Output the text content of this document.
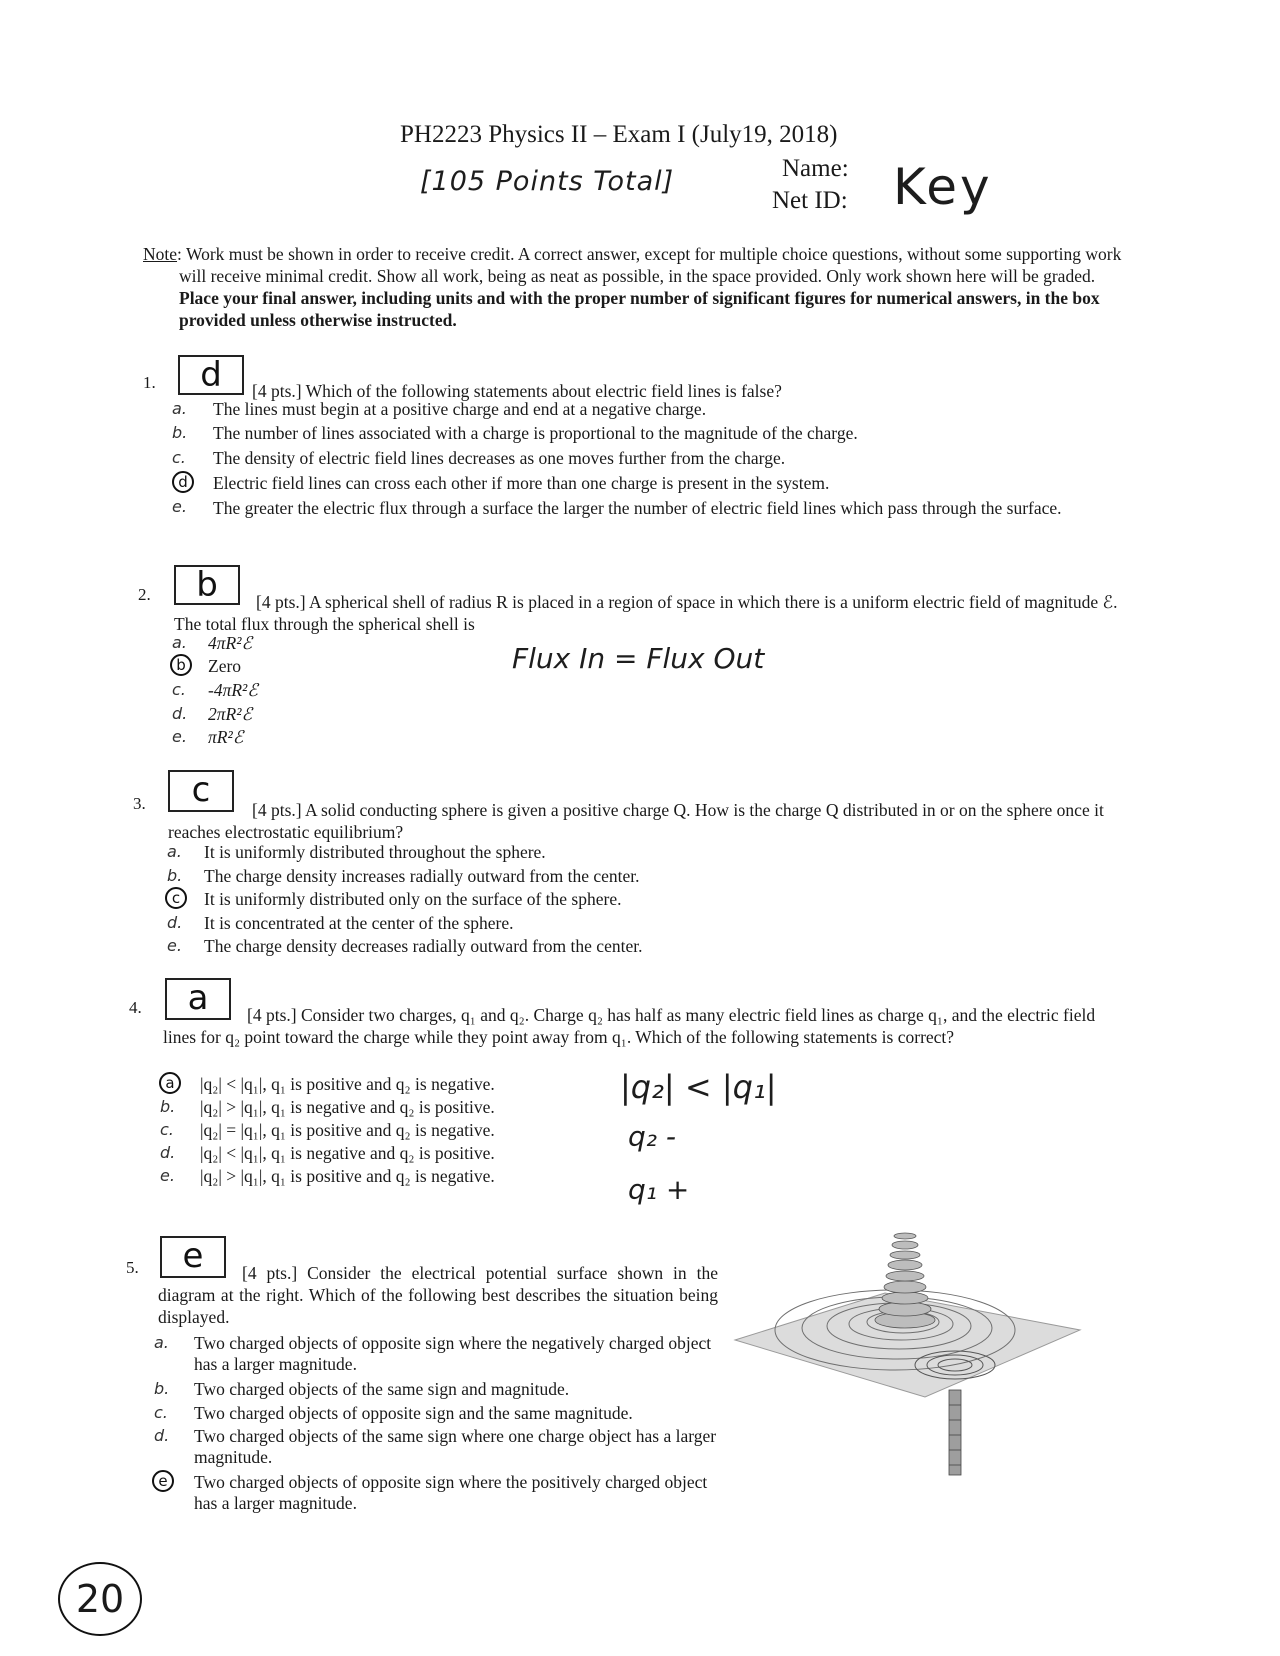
PH2223 Physics II – Exam I (July19, 2018)
[105 Points Total]	Name:
Net ID: Key

Note: Work must be shown in order to receive credit. A correct answer, except for multiple choice questions, without some supporting work will receive minimal credit. Show all work, being as neat as possible, in the space provided. Only work shown here will be graded. Place your final answer, including units and with the proper number of significant figures for numerical answers, in the box provided unless otherwise instructed.

1.	d	[4 pts.] Which of the following statements about electric field lines is false?
a. The lines must begin at a positive charge and end at a negative charge.
b. The number of lines associated with a charge is proportional to the magnitude of the charge.
c. The density of electric field lines decreases as one moves further from the charge.
d	Electric field lines can cross each other if more than one charge is present in the system.
e. The greater the electric flux through a surface the larger the number of electric field lines which pass through the surface.
2.	b	[4 pts.] A spherical shell of radius R is placed in a region of space in which there is a uniform electric field of magnitude ℰ. The total flux through the spherical shell is
a. 4πR²ℰ
b	Zero
c. -4πR²ℰ
d. 2πR²ℰ
e. πR²ℰ
Flux In = Flux Out
3.	c	[4 pts.] A solid conducting sphere is given a positive charge Q. How is the charge Q distributed in or on the sphere once it reaches electrostatic equilibrium?
a. It is uniformly distributed throughout the sphere.
b. The charge density increases radially outward from the center.
c	It is uniformly distributed only on the surface of the sphere.
d. It is concentrated at the center of the sphere.
e. The charge density decreases radially outward from the center.
4.	a	[4 pts.] Consider two charges, q₁ and q₂. Charge q₂ has half as many electric field lines as charge q₁, and the electric field lines for q₂ point toward the charge while they point away from q₁. Which of the following statements is correct?
a	|q₂| < |q₁|, q₁ is positive and q₂ is negative.
b. |q₂| > |q₁|, q₁ is negative and q₂ is positive.
c. |q₂| = |q₁|, q₁ is positive and q₂ is negative.
d. |q₂| < |q₁|, q₁ is negative and q₂ is positive.
e. |q₂| > |q₁|, q₁ is positive and q₂ is negative.
|q₂| < |q₁|
q₂ -
q₁ +
5.	e	[4 pts.] Consider the electrical potential surface shown in the diagram at the right. Which of the following best describes the situation being displayed.
a. Two charged objects of opposite sign where the negatively charged object has a larger magnitude.
b. Two charged objects of the same sign and magnitude.
c. Two charged objects of opposite sign and the same magnitude.
d. Two charged objects of the same sign where one charge object has a larger magnitude.
e	Two charged objects of opposite sign where the positively charged object has a larger magnitude.
20
